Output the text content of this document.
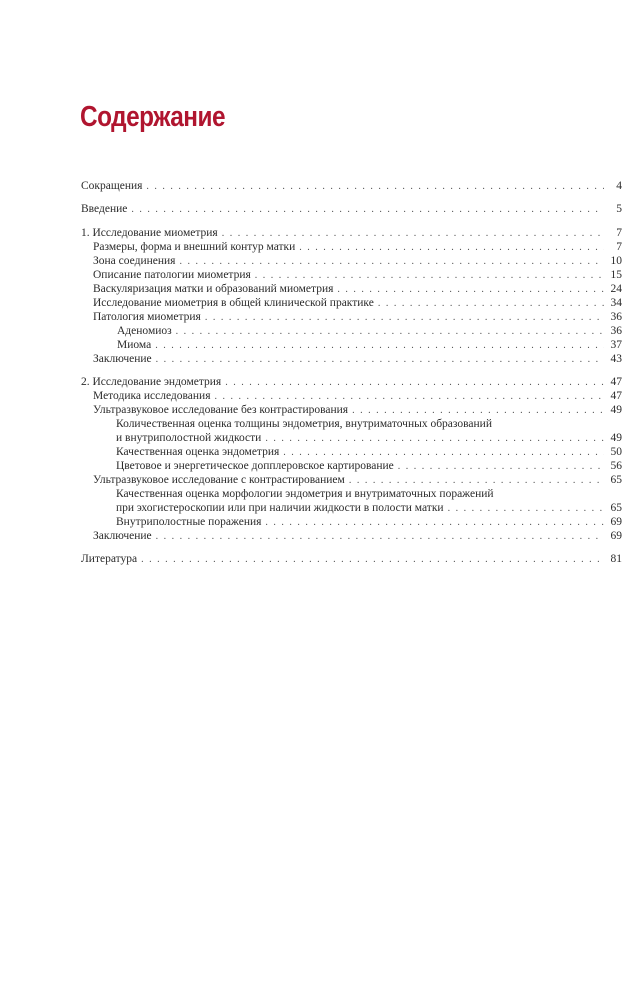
Содержание
Сокращения . . .	4
Введение . . .	5
1. Исследование миометрия . . .	7
Размеры, форма и внешний контур матки . . .	7
Зона соединения . . .	10
Описание патологии миометрия . . .	15
Васкуляризация матки и образований миометрия . . .	24
Исследование миометрия в общей клинической практике . . .	34
Патология миометрия . . .	36
Аденомиоз . . .	36
Миома . . .	37
Заключение . . .	43
2. Исследование эндометрия . . .	47
Методика исследования . . .	47
Ультразвуковое исследование без контрастирования . . .	49
Количественная оценка толщины эндометрия, внутриматочных образований
и внутриполостной жидкости . . .	49
Качественная оценка эндометрия . . .	50
Цветовое и энергетическое допплеровское картирование . . .	56
Ультразвуковое исследование с контрастированием . . .	65
Качественная оценка морфологии эндометрия и внутриматочных поражений
при эхогистероскопии или при наличии жидкости в полости матки . . .	65
Внутриполостные поражения . . .	69
Заключение . . .	69
Литература . . .	81
